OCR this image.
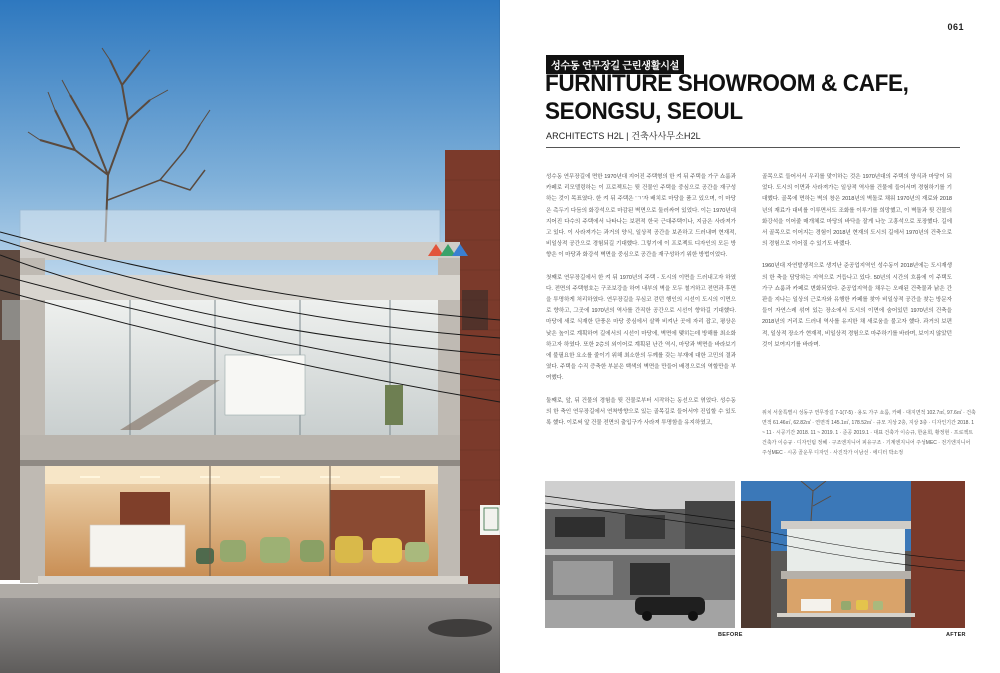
061
성수동 연무장길 근린생활시설
FURNITURE SHOWROOM & CAFE,
SEONGSU, SEOUL
ARCHITECTS H2L | 건축사사무소H2L

성수동 연무장길에 면한 1970년대 지어진 주택형의 한 켜 뒤 주택을 가구 쇼룸과 카페로 리모델링하는 이 프로젝트는 뒷 건물인 주택을 중심으로 공간을 재구성하는 것이 목표였다. 한 켜 뒤 주택은 ‘ㄱ’자 배치로 마당을 품고 있으며, 이 마당은 촉두기 다듬의 화강석으로 마감된 벽면으로 둘러싸여 있었다. 이는 1970년대 지어진 다수의 주택에서 나타나는 보편적 한국 근대주택이나, 지금은 사라져가고 있다. 이 사라져가는 과거의 양식, 일상적 공간을 보존하고 드러내며 현재적, 비일상적 공간으로 경험되길 기대했다. 그렇기에 이 프로젝트 디자인의 모든 방향은 이 마당과 화강석 벽면을 중심으로 공간을 재구성하기 위한 방법이었다.

첫째로 연무장길에서 한 켜 뒤 1970년의 주택 - 도시의 이면을 드러내고자 하였다. 전면의 주택형호는 구조보강을 하여 내부의 벽을 모두 철거하고 전면과 후면을 투명하게 처리하였다. 연무장길을 무심코 걷던 행인의 시선이 도시의 이면으로 향하고, 그곳에 1970년의 역사를 간직한 공간으로 시선이 향하길 기대했다. 마당에 새로 식재한 단풍은 마당 중심에서 살짝 비켜난 곳에 자리 잡고, 평상은 낮은 높이로 계획하여 길에서의 시선이 마당에, 벽면에 맺히는데 방해를 최소화하고자 하였다. 또한 2층의 외이어로 계획된 난간 역시, 마당과 벽면을 바라보기에 불필요한 요소를 줄이기 위해 최소한의 두께를 갖는 부재에 대한 고민의 결과였다. 주택을 수직 증축한 부분은 백색의 벽면을 만들어 배경으로의 역할만을 부여했다.

둘째로, 앞, 뒤 건물의 경험을 뒷 건물로부터 시작하는 동선으로 엮었다. 성수동의 한 축인 연무장길에서 연착방향으로 있는 골목길로 들어서야 진입할 수 있도록 했다. 이로써 앞 건물 전면의 출입구가 사라져 투명함을 유지하였고,

골목으로 들어서서 우리를 맞이하는 것은 1970년대의 주택의 양식과 마당이 되었다. 도시의 이면과 사라져가는 일상적 역사를 건물에 들어서며 경험하기를 기대했다. 골목에 면하는 벽의 창은 2018년의 벽돌로 채워 1970년의 재료와 2018년의 재료가 대비를 이루면서도 조화를 이루기를 희망했고, 이 벽돌과 뒷 건물의 화강석을 이어줄 매개체로 마당의 바닥을 잘게 나눈 고흥석으로 포장했다. 길에서 골목으로 이어지는 경험이 2018년 현재의 도시의 길에서 1970년의 건축으로의 경험으로 이어질 수 있기도 바랬다.

1960년대 자연발생적으로 생겨난 준공업지역인 성수동이 2018년에는 도시재생의 한 축을 담당하는 지역으로 거듭나고 있다. 50년의 시간의 흐름에 이 주택도 가구 쇼룸과 카페로 변화되었다. 준공업지역을 채우는 오래된 건축물과 낡은 간판을 지나는 일상의 근로자와 유행한 카페를 찾아 비일상적 공간을 찾는 방문자들이 자연스레 섞여 있는 장소에서 도시의 이면에 숨어있던 1970년의 건축을 2018년의 거리로 드러내 역사를 유지한 채 새로움을 불고자 했다. 과거의 보편적, 일상적 장소가 현재적, 비일상적 경험으로 마주하기를 바라며, 보이지 않았던 것이 보여지기를 바라며.

위치 서울특별시 성동구 연무장길 7-1(7-5) · 용도 가구 쇼룸, 카페 · 대지면적 102.7㎡, 97.6㎡ · 건축면적 61.46㎡, 62.82㎡ · 연면적 145.1㎡, 178.52㎡ · 규모 지상 2층, 지상 3층 · 디자인기간 2018. 1 ~ 11 · 시공기간 2018. 11 ~ 2019. 1 · 준공 2019.1 · 대표 건축가 이승규, 한윤희, 황정현 · 프로젝트 건축가 이승규 · 디자인팀 정혜 · 구조엔지니어 피유구조 · 기계엔지니어 주성MEC · 전기엔지니어 주성MEC · 시공 골운무 디자인 · 사진작가 이남선 · 에디터 박소정
BEFORE	AFTER
